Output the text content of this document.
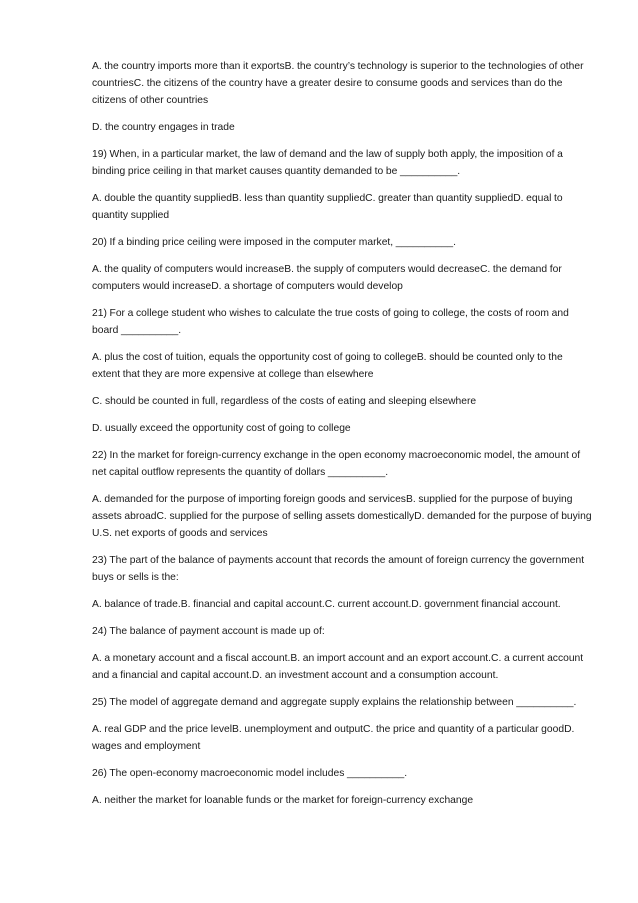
A. the country imports more than it exportsB. the country’s technology is superior to the technologies of other countriesC. the citizens of the country have a greater desire to consume goods and services than do the citizens of other countries

D. the country engages in trade

19) When, in a particular market, the law of demand and the law of supply both apply, the imposition of a binding price ceiling in that market causes quantity demanded to be __________.

A. double the quantity suppliedB. less than quantity suppliedC. greater than quantity suppliedD. equal to quantity supplied

20) If a binding price ceiling were imposed in the computer market, __________.

A. the quality of computers would increaseB. the supply of computers would decreaseC. the demand for computers would increaseD. a shortage of computers would develop

21) For a college student who wishes to calculate the true costs of going to college, the costs of room and board __________.

A. plus the cost of tuition, equals the opportunity cost of going to collegeB. should be counted only to the extent that they are more expensive at college than elsewhere

C. should be counted in full, regardless of the costs of eating and sleeping elsewhere

D. usually exceed the opportunity cost of going to college

22) In the market for foreign-currency exchange in the open economy macroeconomic model, the amount of net capital outflow represents the quantity of dollars __________.

A. demanded for the purpose of importing foreign goods and servicesB. supplied for the purpose of buying assets abroadC. supplied for the purpose of selling assets domesticallyD. demanded for the purpose of buying U.S. net exports of goods and services

23) The part of the balance of payments account that records the amount of foreign currency the government buys or sells is the:

A. balance of trade.B. financial and capital account.C. current account.D. government financial account.

24) The balance of payment account is made up of:

A. a monetary account and a fiscal account.B. an import account and an export account.C. a current account and a financial and capital account.D. an investment account and a consumption account.

25) The model of aggregate demand and aggregate supply explains the relationship between __________.

A. real GDP and the price levelB. unemployment and outputC. the price and quantity of a particular goodD. wages and employment

26) The open-economy macroeconomic model includes __________.

A. neither the market for loanable funds or the market for foreign-currency exchange
